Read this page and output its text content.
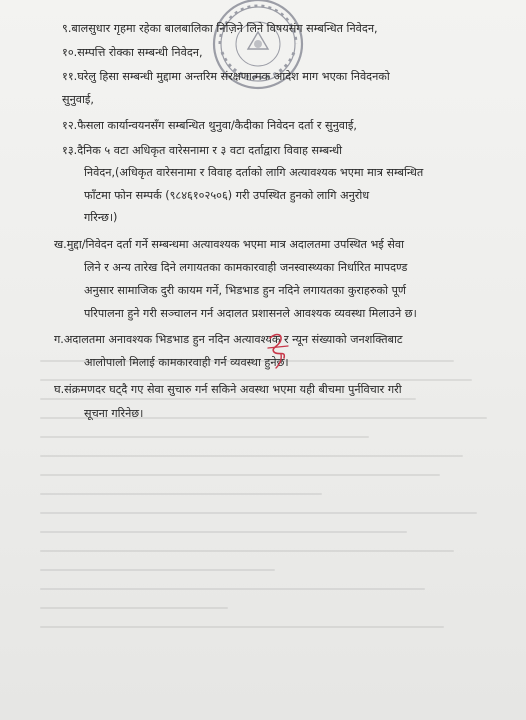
९.बालसुधार गृहमा रहेका बालबालिका निज़िने लिने विषयसंग सम्बन्धित निवेदन,
१०.सम्पत्ति रोक्का सम्बन्धी निवेदन,
११.घरेलु हिसा सम्बन्धी मुद्दामा अन्तरिम संरक्षणात्मक आदेश माग भएका निवेदनको
सुनुवाई,
१२.फैसला कार्यान्वयनसँग सम्बन्धित थुनुवा/कैदीका निवेदन दर्ता र सुनुवाई,
१३.दैनिक ५ वटा अधिकृत वारेसनामा र ३ वटा दर्ताद्वारा विवाह सम्बन्धी
निवेदन,(अधिकृत वारेसनामा र विवाह दर्ताको लागि अत्यावश्यक भएमा मात्र सम्बन्धित
फाँटमा फोन सम्पर्क (९८४६१०२५०६) गरी उपस्थित हुनको लागि अनुरोध
गरिन्छ।)
ख.मुद्दा/निवेदन दर्ता गर्ने सम्बन्धमा अत्यावश्यक भएमा मात्र अदालतमा उपस्थित भई सेवा
लिने र अन्य तारेख दिने लगायतका कामकारवाही जनस्वास्थ्यका निर्धारित मापदण्ड
अनुसार सामाजिक दुरी कायम गर्ने, भिडभाड हुन नदिने लगायतका कुराहरुको पूर्ण
परिपालना हुने गरी सञ्चालन गर्न अदालत प्रशासनले आवश्यक व्यवस्था मिलाउने छ।
ग.अदालतमा अनावश्यक भिडभाड हुन नदिन अत्यावश्यक र न्यून संख्याको जनशक्तिबाट
आलोपालो मिलाई कामकारवाही गर्न व्यवस्था हुनेछ।
घ.संक्रमणदर घट्दै गए सेवा सुचारु गर्न सकिने अवस्था भएमा यही बीचमा पुर्नविचार गरी
सूचना गरिनेछ।
